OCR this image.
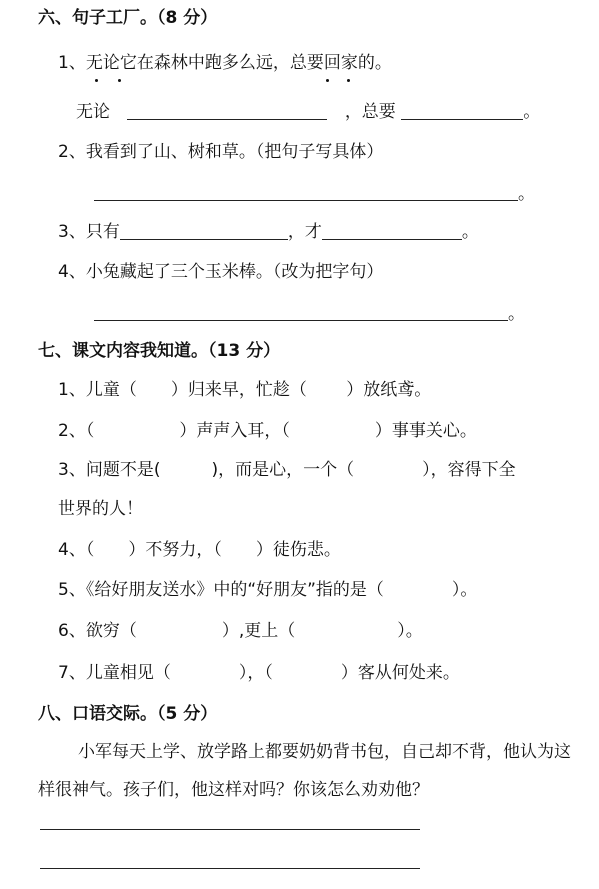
六、句子工厂。（8 分）
1、无论它在森林中跑多么远，总要回家的。
无论	，总要	。
2、我看到了山、树和草。（把句子写具体）
。
3、只有	，才	。
4、小兔藏起了三个玉米棒。（改为把字句）
。
七、课文内容我知道。（13 分）
1、儿童（　　）归来早，忙趁（　　 ）放纸鸢。
2、（　　　　　）声声入耳，（　　　　　）事事关心。
3、问题不是(　　　)，而是心，一个（　　　　），容得下全
世界的人！
4、（　　）不努力，（　　）徒伤悲。
5、《给好朋友送水》中的“好朋友”指的是（　　　　）。
6、欲穷（　　　　　）,更上（　　　　　　）。
7、儿童相见（　　　　），（　　　　）客从何处来。
八、口语交际。（5 分）
小军每天上学、放学路上都要奶奶背书包，自己却不背，他认为这样很神气。孩子们，他这样对吗？你该怎么劝劝他？
